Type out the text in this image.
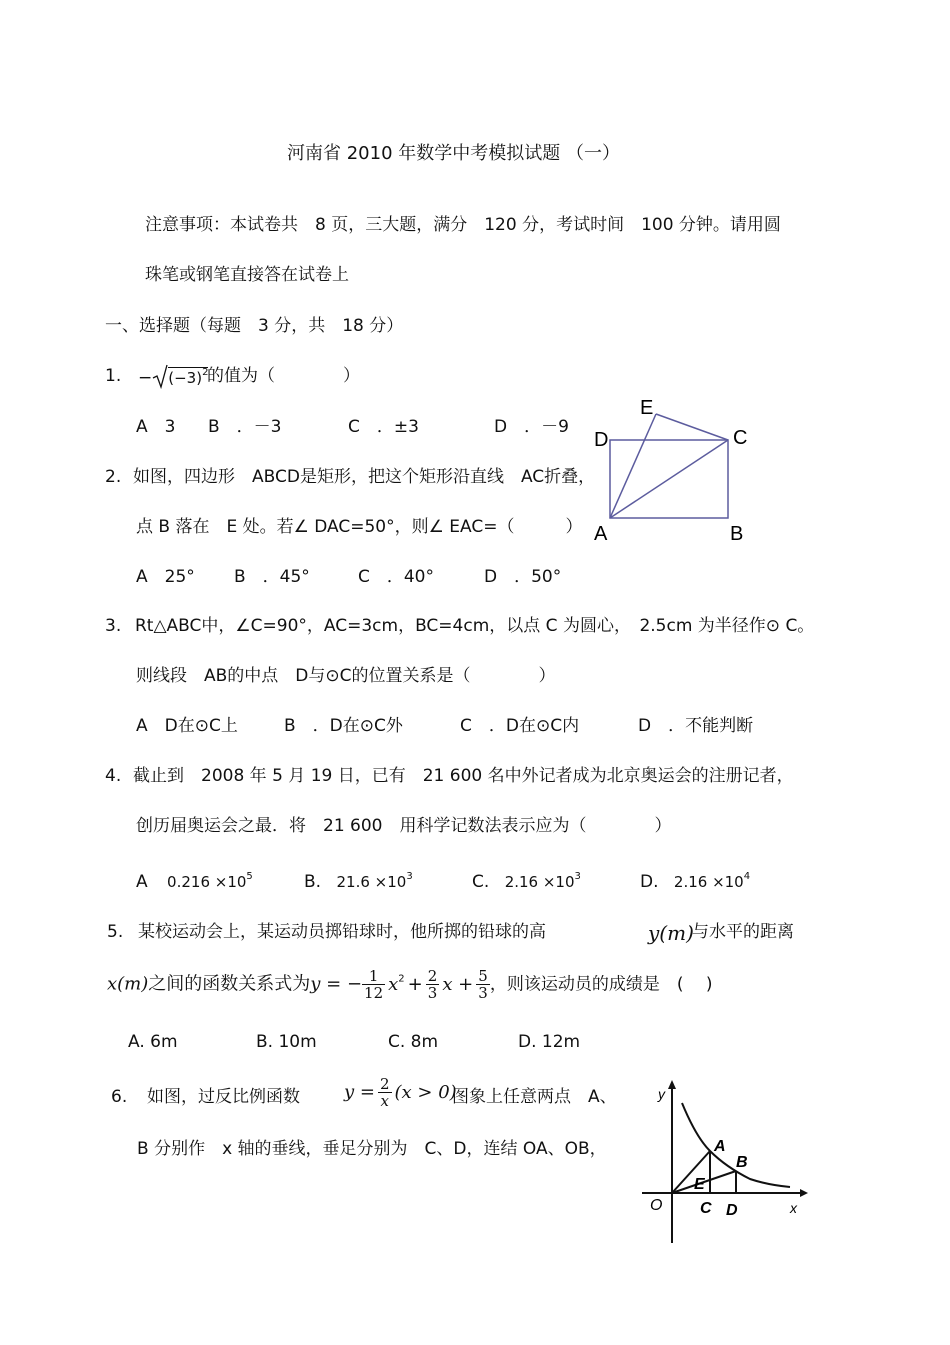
河南省 2010 年数学中考模拟试题 （一）
注意事项：本试卷共　8 页，三大题，满分　120 分，考试时间　100 分钟。请用圆
珠笔或钢笔直接答在试卷上
一、选择题（每题　3 分，共　18 分）
1. − $(-3)^2$
的值为（　　　　）
A　3 B　．－3	C　．±3	D　．－9
E
D	C
A	B
2. 如图，四边形　ABCD是矩形，把这个矩形沿直线　AC折叠，
点 B 落在　E 处。若∠ DAC=50°，则∠ EAC=（　　　）
A　25° B　．45°	C　．40°	D　．50°
3. Rt△ABC中，∠C=90°，AC=3cm，BC=4cm，以点 C 为圆心，　2.5cm 为半径作⊙ C。
则线段　AB的中点　D与⊙C的位置关系是（　　　　）
A　D在⊙C上	B　．D在⊙C外	C　．D在⊙C内	D　．不能判断
4. 截止到　2008 年 5 月 19 日，已有　21 600 名中外记者成为北京奥运会的注册记者，
创历届奥运会之最．将　21 600　用科学记数法表示应为（　　　　）
A $0.216 \times 10^5$	B. $21.6 \times 10^3$	C. $2.16 \times 10^3$	D. $2.16 \times 10^4$
5. 某校运动会上，某运动员掷铅球时，他所掷的铅球的高	y(m)
与水平的距离
x(m)之间的函数关系式为y = − $\frac{1}{12} x^2 + \frac{2}{3}$ $x + \frac{5}{3}$ ，则该运动员的成绩是　(　 )
A. 6m	B. 10m	C. 8m	D. 12m
6. 如图，过反比例函数 $y = \frac{2}{x} (x > 0)$
图象上任意两点　A、
B 分别作　x 轴的垂线，垂足分别为　C、D，连结 OA、OB，
y
x
O
A
B
C D
E
